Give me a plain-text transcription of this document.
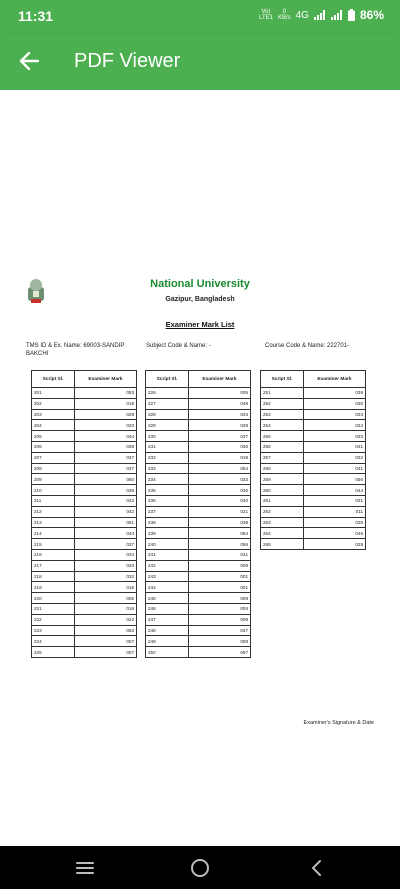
11:31	Vo)
LTE1
0
KB/s 4G	86%
PDF Viewer
National University
Gazipur, Bangladesh
Examiner Mark List
TMS ID & Ex. Name: 69003-SANDIP BAKCHI
Subject Code & Name: -	Course Code & Name: 222701-
Script Sl.	Examiner Mark
201	053
202	019
203	029
204	033
205	044
206	038
207	037
208	037
209	060
210	036
211	043
212	042
213	051
214	044
215	037
216	034
217	033
218	032
219	015
220	005
221	016
222	022
223	062
224	007
225	007
Script Sl.	Examiner Mark
226	005
227	049
228	043
229	029
230	037
231	030
232	019
233	054
234	033
235	030
236	040
237	021
238	039
239	054
240	056
241	041
242	009
243	001
244	001
245	009
246	004
247	009
248	047
249	008
250	057
Script Sl.	Examiner Mark
251	039
252	030
253	034
254	034
255	033
256	041
257	032
258	041
259	056
260	044
261	021
262	011
263	026
264	045
265	029
Examiner's Signature & Date
